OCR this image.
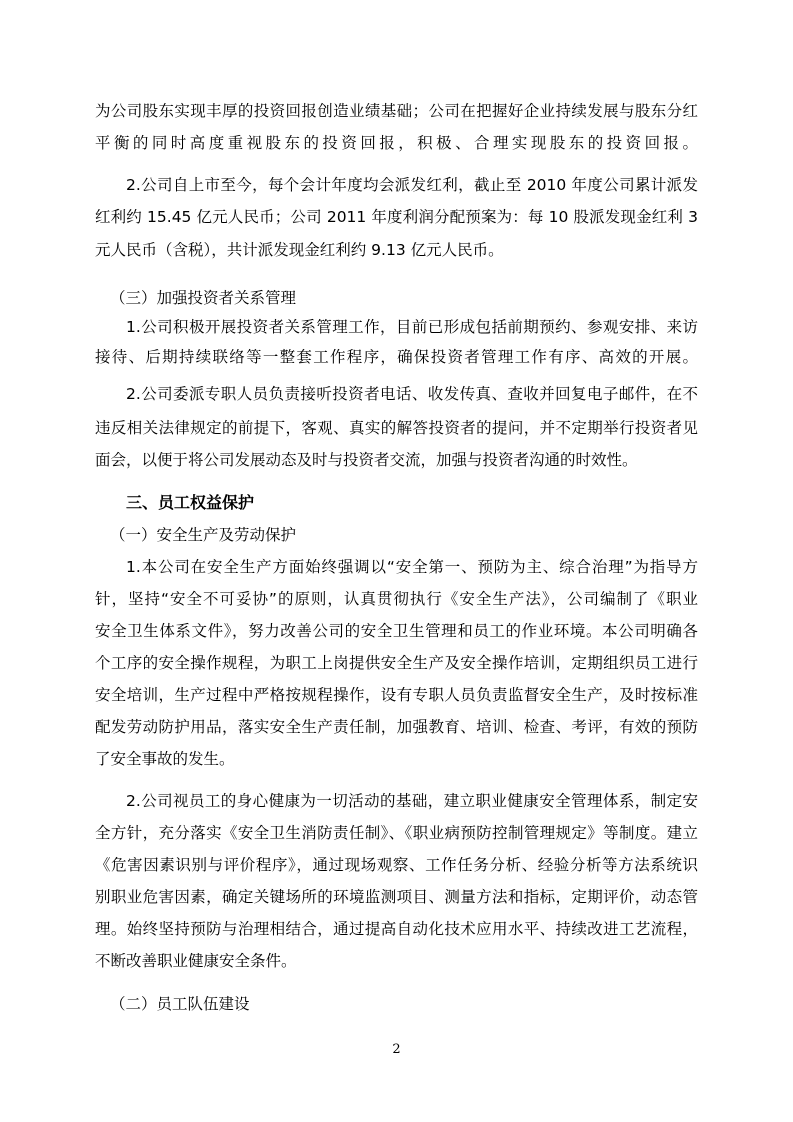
为公司股东实现丰厚的投资回报创造业绩基础；公司在把握好企业持续发展与股东分红
平衡的同时高度重视股东的投资回报，积极、合理实现股东的投资回报。
2.公司自上市至今，每个会计年度均会派发红利，截止至 2010 年度公司累计派发
红利约 15.45 亿元人民币；公司 2011 年度利润分配预案为：每 10 股派发现金红利 3
元人民币（含税），共计派发现金红利约 9.13 亿元人民币。
（三）加强投资者关系管理
1.公司积极开展投资者关系管理工作，目前已形成包括前期预约、参观安排、来访
接待、后期持续联络等一整套工作程序，确保投资者管理工作有序、高效的开展。
2.公司委派专职人员负责接听投资者电话、收发传真、查收并回复电子邮件，在不
违反相关法律规定的前提下，客观、真实的解答投资者的提问，并不定期举行投资者见
面会，以便于将公司发展动态及时与投资者交流，加强与投资者沟通的时效性。
三、员工权益保护
（一）安全生产及劳动保护
1.本公司在安全生产方面始终强调以“安全第一、预防为主、综合治理”为指导方
针，坚持“安全不可妥协”的原则，认真贯彻执行《安全生产法》，公司编制了《职业
安全卫生体系文件》，努力改善公司的安全卫生管理和员工的作业环境。本公司明确各
个工序的安全操作规程，为职工上岗提供安全生产及安全操作培训，定期组织员工进行
安全培训，生产过程中严格按规程操作，设有专职人员负责监督安全生产，及时按标准
配发劳动防护用品，落实安全生产责任制，加强教育、培训、检查、考评，有效的预防
了安全事故的发生。
2.公司视员工的身心健康为一切活动的基础，建立职业健康安全管理体系，制定安
全方针，充分落实《安全卫生消防责任制》、《职业病预防控制管理规定》等制度。建立
《危害因素识别与评价程序》，通过现场观察、工作任务分析、经验分析等方法系统识
别职业危害因素，确定关键场所的环境监测项目、测量方法和指标，定期评价，动态管
理。始终坚持预防与治理相结合，通过提高自动化技术应用水平、持续改进工艺流程，
不断改善职业健康安全条件。
（二）员工队伍建设
2
